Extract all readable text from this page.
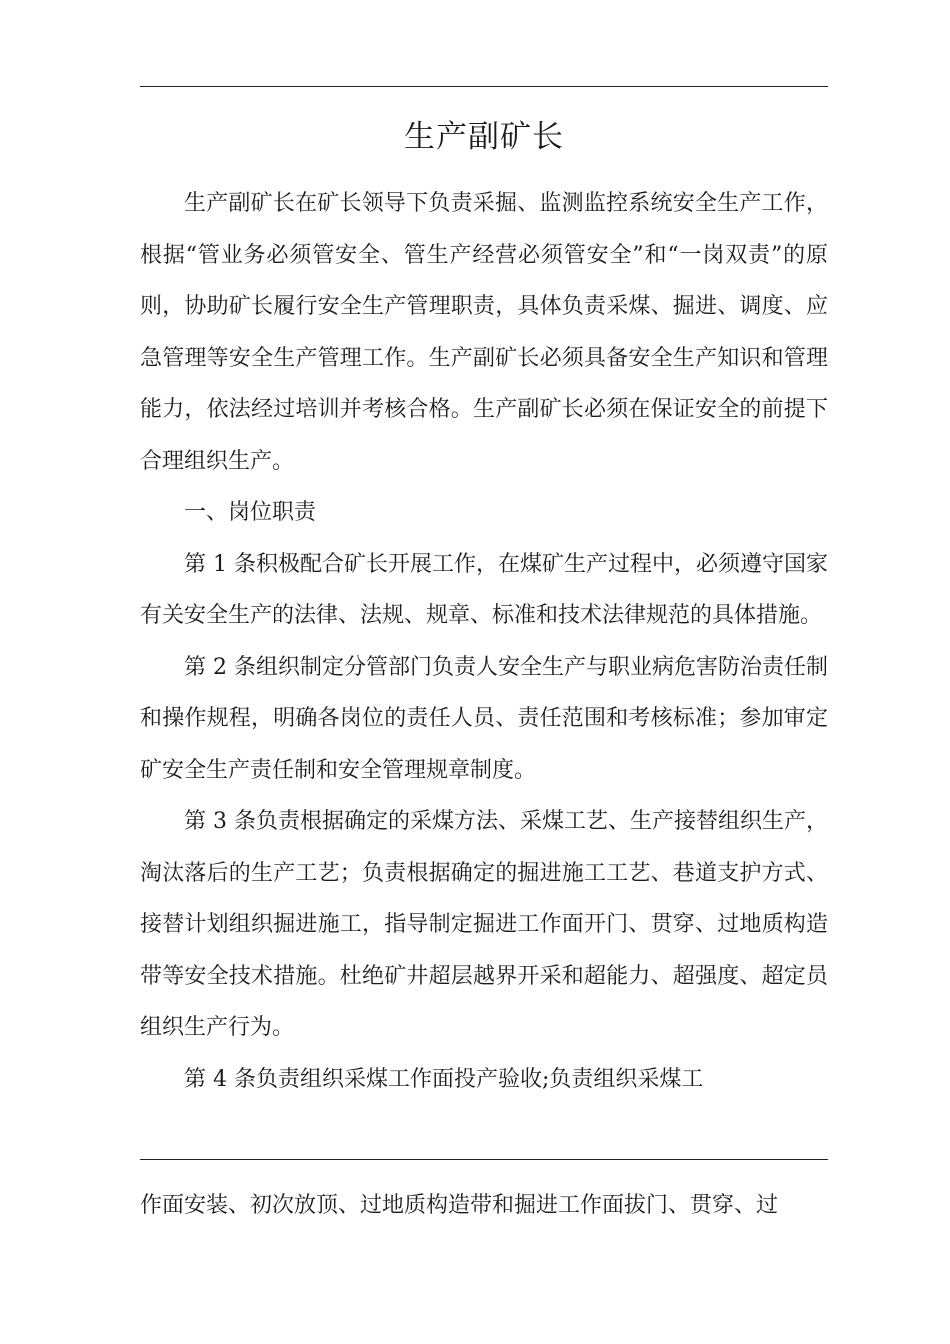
生产副矿长

生产副矿长在矿长领导下负责采掘、监测监控系统安全生产工作，根据“管业务必须管安全、管生产经营必须管安全”和“一岗双责”的原则，协助矿长履行安全生产管理职责，具体负责采煤、掘进、调度、应急管理等安全生产管理工作。生产副矿长必须具备安全生产知识和管理能力，依法经过培训并考核合格。生产副矿长必须在保证安全的前提下合理组织生产。

一、岗位职责

第 1 条积极配合矿长开展工作，在煤矿生产过程中，必须遵守国家有关安全生产的法律、法规、规章、标准和技术法律规范的具体措施。

第 2 条组织制定分管部门负责人安全生产与职业病危害防治责任制和操作规程，明确各岗位的责任人员、责任范围和考核标准；参加审定矿安全生产责任制和安全管理规章制度。

第 3 条负责根据确定的采煤方法、采煤工艺、生产接替组织生产，淘汰落后的生产工艺；负责根据确定的掘进施工工艺、巷道支护方式、接替计划组织掘进施工，指导制定掘进工作面开门、贯穿、过地质构造带等安全技术措施。杜绝矿井超层越界开采和超能力、超强度、超定员组织生产行为。

第 4 条负责组织采煤工作面投产验收;负责组织采煤工

作面安装、初次放顶、过地质构造带和掘进工作面拔门、贯穿、过
